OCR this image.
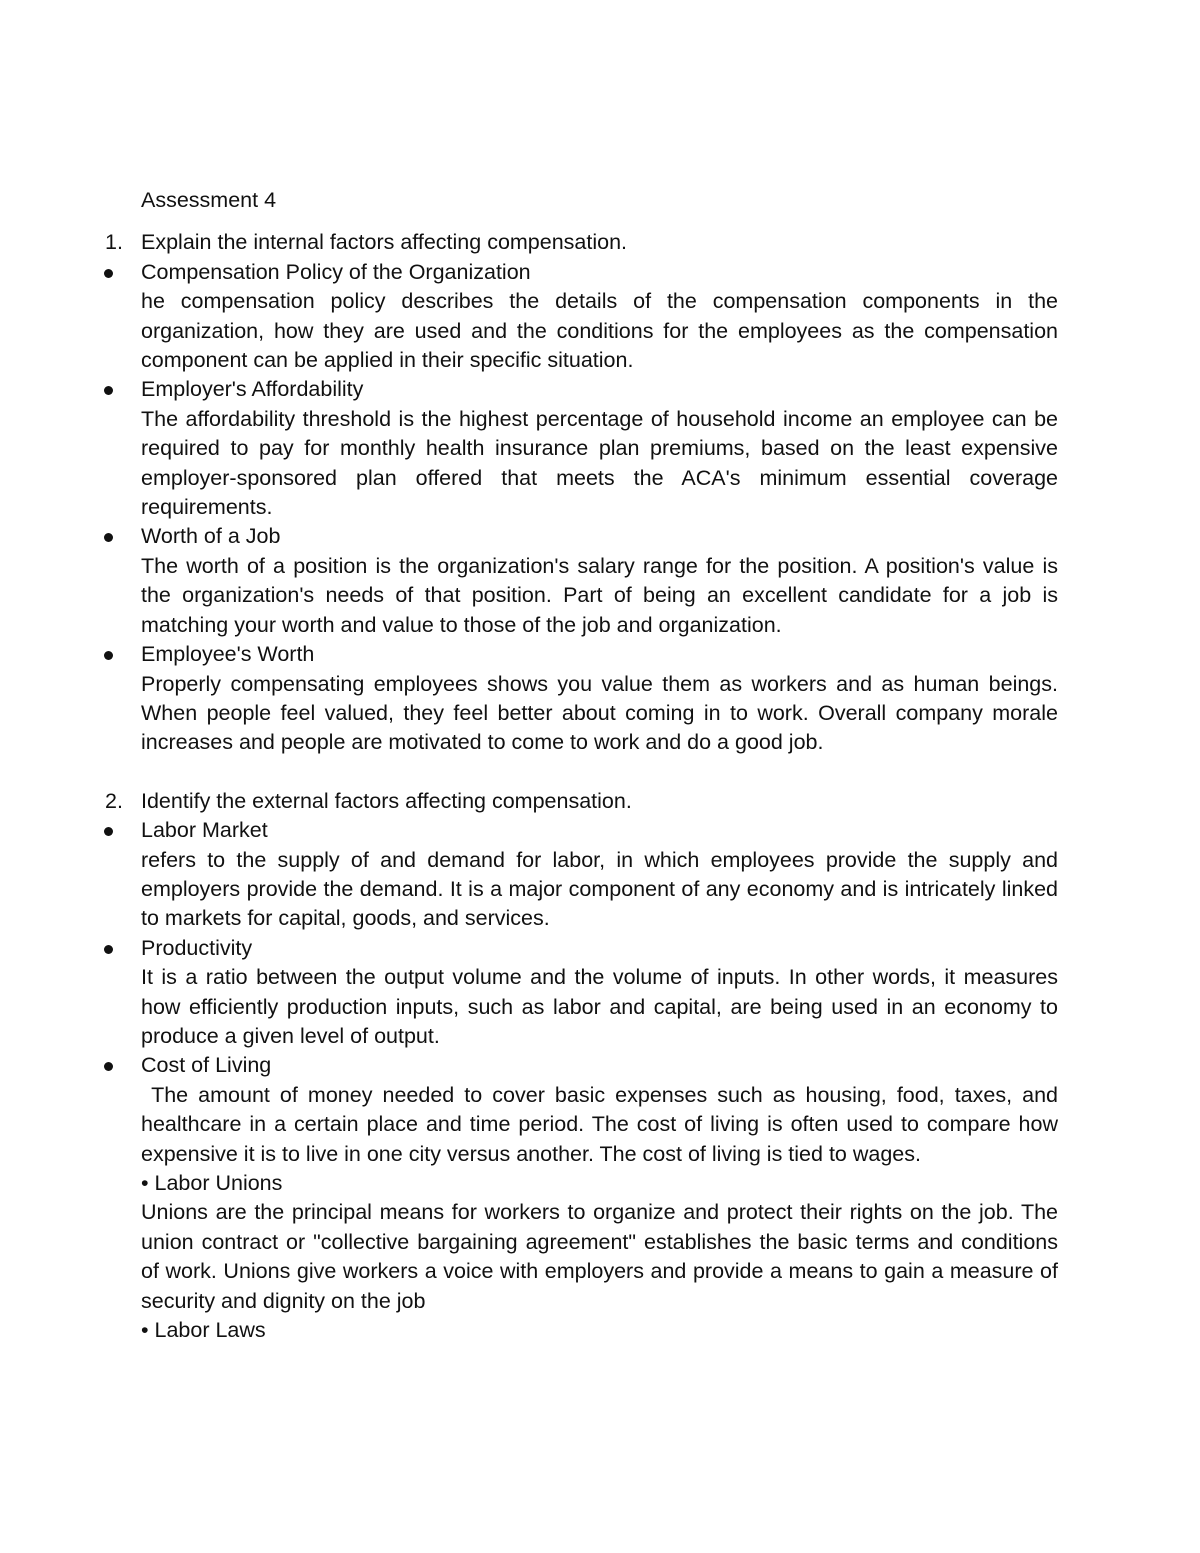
Assessment 4

1. Explain the internal factors affecting compensation.
Compensation Policy of the Organization

he compensation policy describes the details of the compensation components in the organization, how they are used and the conditions for the employees as the compensation component can be applied in their specific situation.

Employer's Affordability

The affordability threshold is the highest percentage of household income an employee can be required to pay for monthly health insurance plan premiums, based on the least expensive employer-sponsored plan offered that meets the ACA's minimum essential coverage requirements.

Worth of a Job

The worth of a position is the organization's salary range for the position. A position's value is the organization's needs of that position. Part of being an excellent candidate for a job is matching your worth and value to those of the job and organization.

Employee's Worth

Properly compensating employees shows you value them as workers and as human beings. When people feel valued, they feel better about coming in to work. Overall company morale increases and people are motivated to come to work and do a good job.

2. Identify the external factors affecting compensation.
Labor Market

refers to the supply of and demand for labor, in which employees provide the supply and employers provide the demand. It is a major component of any economy and is intricately linked to markets for capital, goods, and services.

Productivity

It is a ratio between the output volume and the volume of inputs. In other words, it measures how efficiently production inputs, such as labor and capital, are being used in an economy to produce a given level of output.

Cost of Living

The amount of money needed to cover basic expenses such as housing, food, taxes, and healthcare in a certain place and time period. The cost of living is often used to compare how expensive it is to live in one city versus another. The cost of living is tied to wages.

• Labor Unions

Unions are the principal means for workers to organize and protect their rights on the job. The union contract or "collective bargaining agreement" establishes the basic terms and conditions of work. Unions give workers a voice with employers and provide a means to gain a measure of security and dignity on the job

• Labor Laws
